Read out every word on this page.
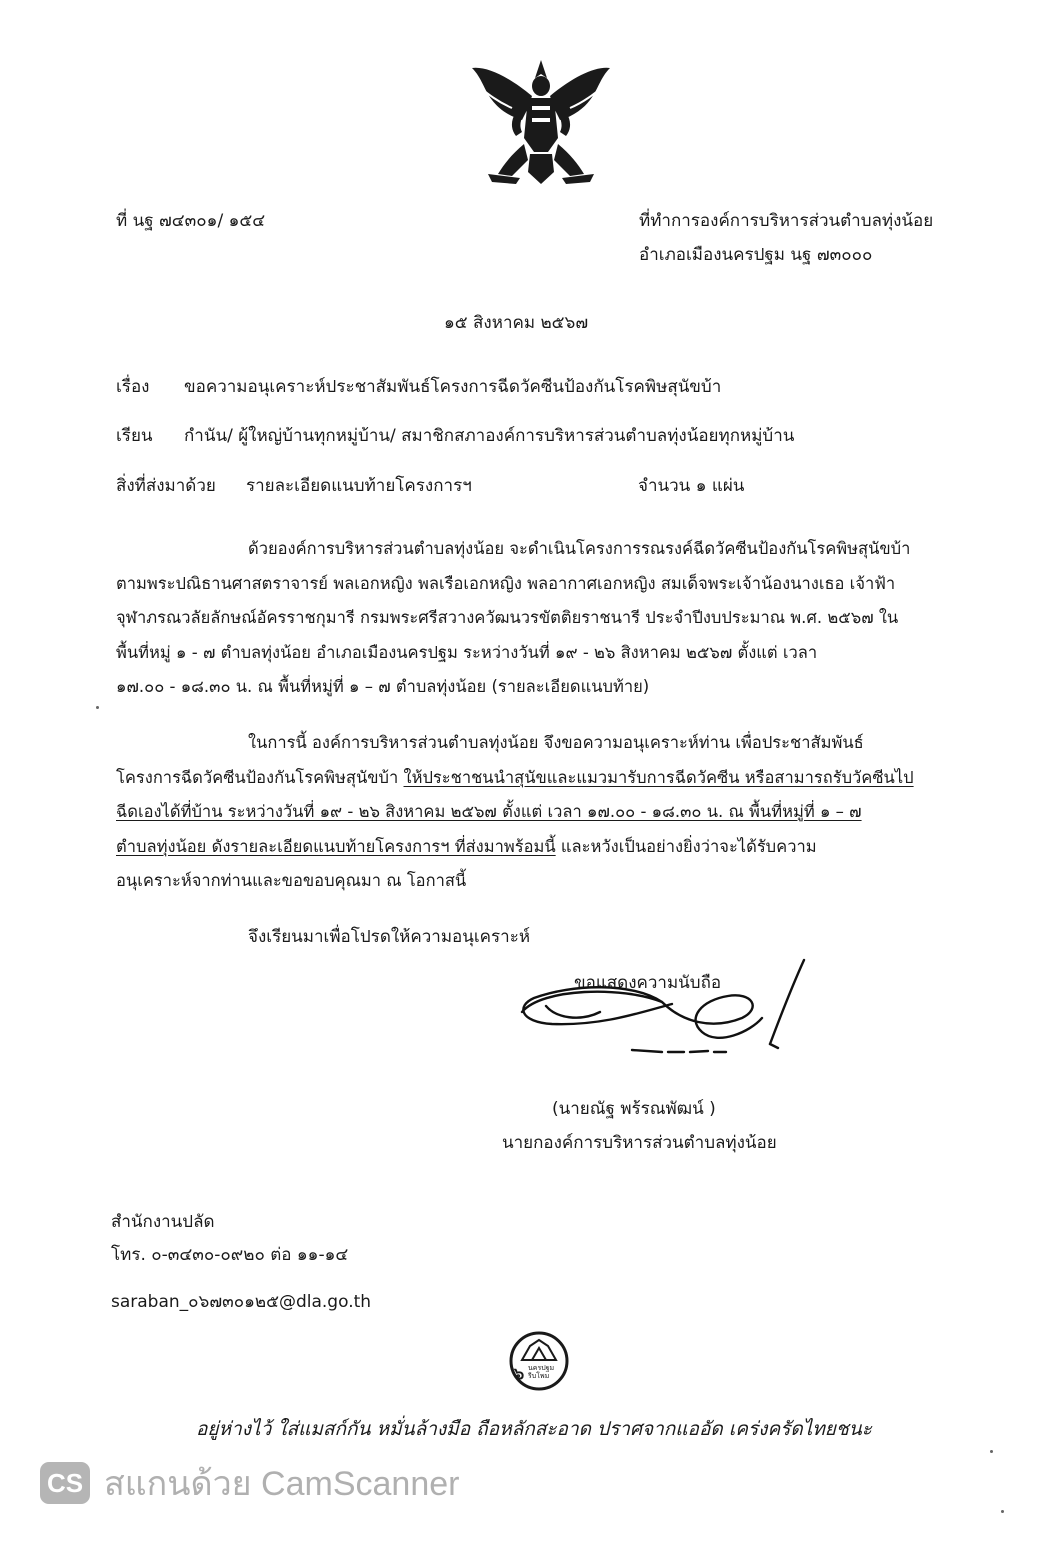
ที่ นฐ ๗๔๓๐๑/ ๑๕๔	ที่ทำการองค์การบริหารส่วนตำบลทุ่งน้อย
อำเภอเมืองนครปฐม นฐ ๗๓๐๐๐
๑๕ สิงหาคม ๒๕๖๗
เรื่อง ขอความอนุเคราะห์ประชาสัมพันธ์โครงการฉีดวัคซีนป้องกันโรคพิษสุนัขบ้า
เรียน กำนัน/ ผู้ใหญ่บ้านทุกหมู่บ้าน/ สมาชิกสภาองค์การบริหารส่วนตำบลทุ่งน้อยทุกหมู่บ้าน
สิ่งที่ส่งมาด้วย รายละเอียดแนบท้ายโครงการฯ	จำนวน ๑ แผ่น
ด้วยองค์การบริหารส่วนตำบลทุ่งน้อย จะดำเนินโครงการรณรงค์ฉีดวัคซีนป้องกันโรคพิษสุนัขบ้า
ตามพระปณิธานศาสตราจารย์ พลเอกหญิง พลเรือเอกหญิง พลอากาศเอกหญิง สมเด็จพระเจ้าน้องนางเธอ เจ้าฟ้า
จุฬาภรณวลัยลักษณ์อัครราชกุมารี กรมพระศรีสวางควัฒนวรขัตติยราชนารี ประจำปีงบประมาณ พ.ศ. ๒๕๖๗ ใน
พื้นที่หมู่ ๑ - ๗ ตำบลทุ่งน้อย อำเภอเมืองนครปฐม ระหว่างวันที่ ๑๙ - ๒๖ สิงหาคม ๒๕๖๗ ตั้งแต่ เวลา
๑๗.๐๐ - ๑๘.๓๐ น. ณ พื้นที่หมู่ที่ ๑ – ๗ ตำบลทุ่งน้อย (รายละเอียดแนบท้าย)
ในการนี้ องค์การบริหารส่วนตำบลทุ่งน้อย จึงขอความอนุเคราะห์ท่าน เพื่อประชาสัมพันธ์
โครงการฉีดวัคซีนป้องกันโรคพิษสุนัขบ้า ให้ประชาชนนำสุนัขและแมวมารับการฉีดวัคซีน หรือสามารถรับวัคซีนไป
ฉีดเองได้ที่บ้าน ระหว่างวันที่ ๑๙ - ๒๖ สิงหาคม ๒๕๖๗ ตั้งแต่ เวลา ๑๗.๐๐ - ๑๘.๓๐ น. ณ พื้นที่หมู่ที่ ๑ – ๗
ตำบลทุ่งน้อย ดังรายละเอียดแนบท้ายโครงการฯ ที่ส่งมาพร้อมนี้ และหวังเป็นอย่างยิ่งว่าจะได้รับความ
อนุเคราะห์จากท่านและขอขอบคุณมา ณ โอกาสนี้
จึงเรียนมาเพื่อโปรดให้ความอนุเคราะห์
ขอแสดงความนับถือ
(นายณัฐ พร้รณพัฒน์ )
นายกองค์การบริหารส่วนตำบลทุ่งน้อย
สำนักงานปลัด
โทร. ๐-๓๔๓๐-๐๙๒๐ ต่อ ๑๑-๑๔
saraban_๐๖๗๓๐๑๒๕@dla.go.th
๖ นครปฐม รีบโพม
อยู่ห่างไว้ ใส่แมสก์กัน หมั่นล้างมือ ถือหลักสะอาด ปราศจากแออัด เคร่งครัดไทยชนะ
CS สแกนด้วย CamScanner
